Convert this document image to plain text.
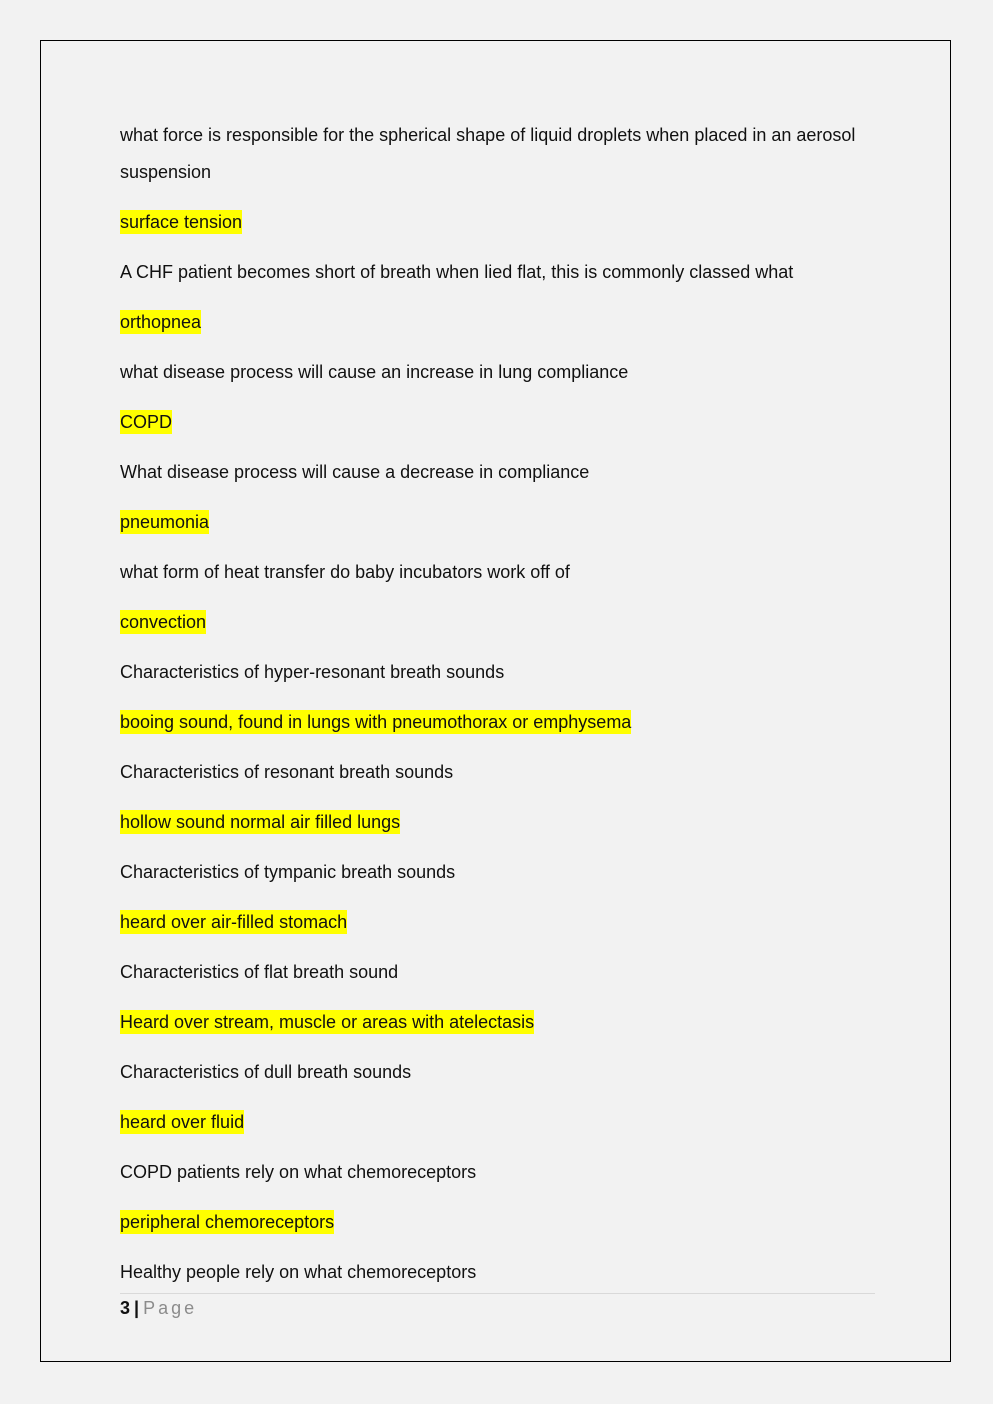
what force is responsible for the spherical shape of liquid droplets when placed in an aerosol suspension
surface tension
A CHF patient becomes short of breath when lied flat, this is commonly classed what
orthopnea
what disease process will cause an increase in lung compliance
COPD
What disease process will cause a decrease in compliance
pneumonia
what form of heat transfer do baby incubators work off of
convection
Characteristics of hyper-resonant breath sounds
booing sound, found in lungs with pneumothorax or emphysema
Characteristics of resonant breath sounds
hollow sound normal air filled lungs
Characteristics of tympanic breath sounds
heard over air-filled stomach
Characteristics of flat breath sound
Heard over stream, muscle or areas with atelectasis
Characteristics of dull breath sounds
heard over fluid
COPD patients rely on what chemoreceptors
peripheral chemoreceptors
Healthy people rely on what chemoreceptors
3 | Page
